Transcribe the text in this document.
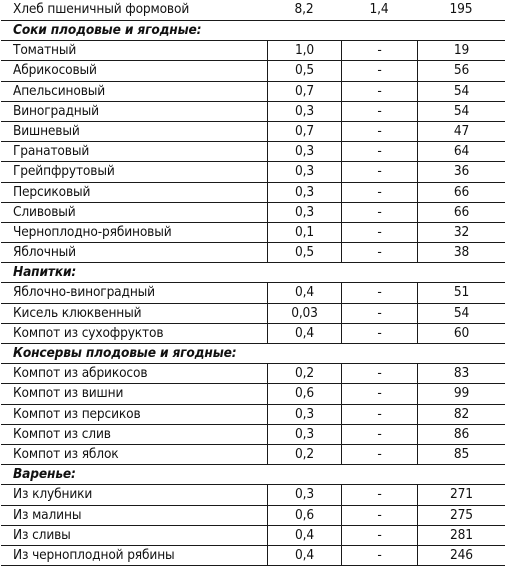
Хлеб пшеничный формовой	8,2	1,4	195
Соки плодовые и ягодные:
Томатный	1,0	-	19
Абрикосовый	0,5	-	56
Апельсиновый	0,7	-	54
Виноградный	0,3	-	54
Вишневый	0,7	-	47
Гранатовый	0,3	-	64
Грейпфрутовый	0,3	-	36
Персиковый	0,3	-	66
Сливовый	0,3	-	66
Черноплодно-рябиновый	0,1	-	32
Яблочный	0,5	-	38
Напитки:
Яблочно-виноградный	0,4	-	51
Кисель клюквенный	0,03	-	54
Компот из сухофруктов	0,4	-	60
Консервы плодовые и ягодные:
Компот из абрикосов	0,2	-	83
Компот из вишни	0,6	-	99
Компот из персиков	0,3	-	82
Компот из слив	0,3	-	86
Компот из яблок	0,2	-	85
Варенье:
Из клубники	0,3	-	271
Из малины	0,6	-	275
Из сливы	0,4	-	281
Из черноплодной рябины	0,4	-	246
